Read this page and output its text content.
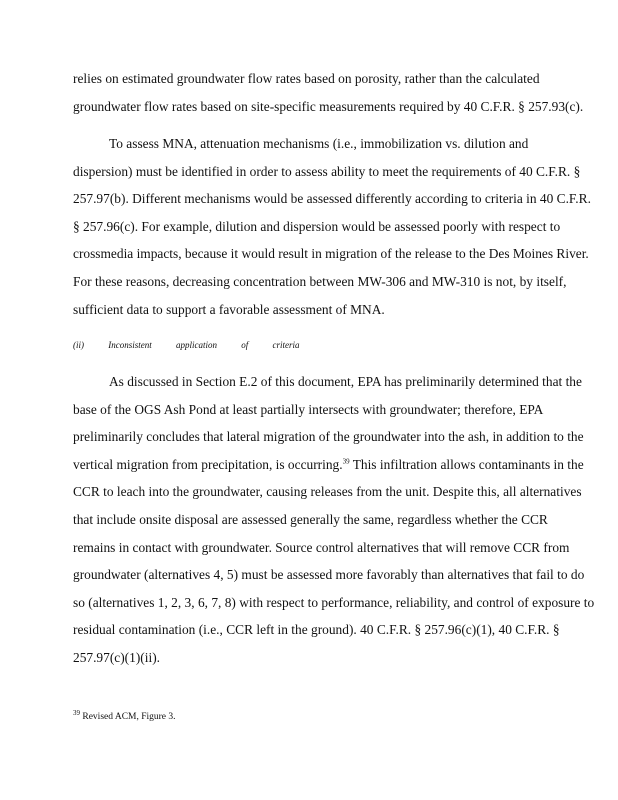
relies on estimated groundwater flow rates based on porosity, rather than the calculated
groundwater flow rates based on site-specific measurements required by 40 C.F.R. § 257.93(c).
To assess MNA, attenuation mechanisms (i.e., immobilization vs. dilution and
dispersion) must be identified in order to assess ability to meet the requirements of 40 C.F.R. §
257.97(b). Different mechanisms would be assessed differently according to criteria in 40 C.F.R.
§ 257.96(c). For example, dilution and dispersion would be assessed poorly with respect to
crossmedia impacts, because it would result in migration of the release to the Des Moines River.
For these reasons, decreasing concentration between MW-306 and MW-310 is not, by itself,
sufficient data to support a favorable assessment of MNA.
(ii) Inconsistent application of criteria
As discussed in Section E.2 of this document, EPA has preliminarily determined that the
base of the OGS Ash Pond at least partially intersects with groundwater; therefore, EPA
preliminarily concludes that lateral migration of the groundwater into the ash, in addition to the
vertical migration from precipitation, is occurring.$^{39}$ This infiltration allows contaminants in the
CCR to leach into the groundwater, causing releases from the unit. Despite this, all alternatives
that include onsite disposal are assessed generally the same, regardless whether the CCR
remains in contact with groundwater. Source control alternatives that will remove CCR from
groundwater (alternatives 4, 5) must be assessed more favorably than alternatives that fail to do
so (alternatives 1, 2, 3, 6, 7, 8) with respect to performance, reliability, and control of exposure to
residual contamination (i.e., CCR left in the ground). 40 C.F.R. § 257.96(c)(1), 40 C.F.R. §
257.97(c)(1)(ii).
$^{39}$ Revised ACM, Figure 3.
